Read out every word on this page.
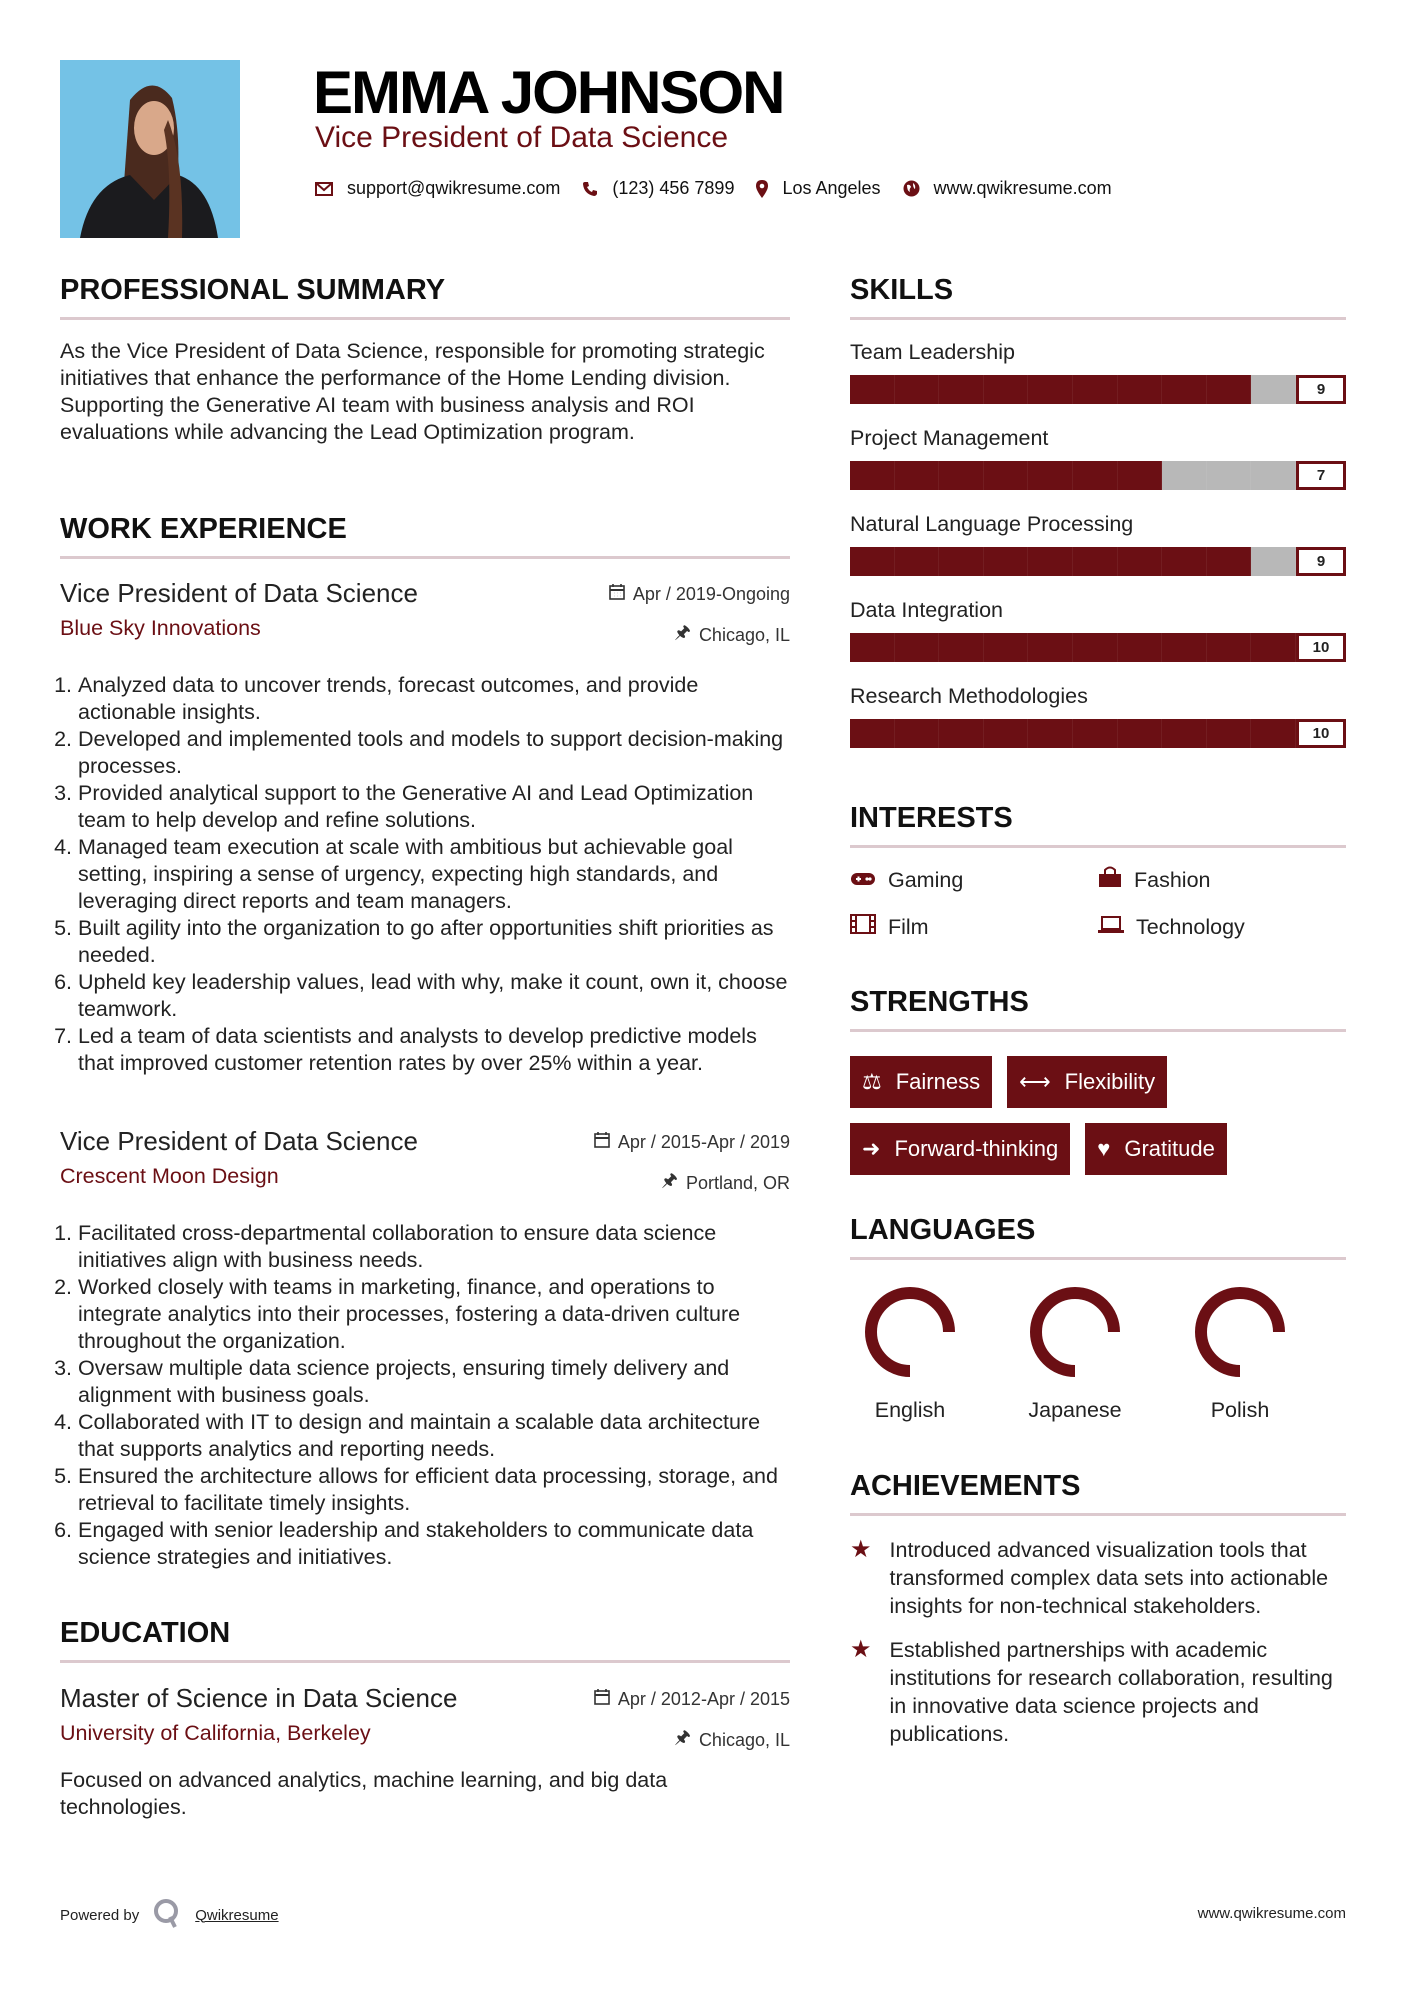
EMMA JOHNSON
Vice President of Data Science
support@qwikresume.com	(123) 456 7899	Los Angeles	www.qwikresume.com
PROFESSIONAL SUMMARY
As the Vice President of Data Science, responsible for promoting strategic initiatives that enhance the performance of the Home Lending division. Supporting the Generative AI team with business analysis and ROI evaluations while advancing the Lead Optimization program.
WORK EXPERIENCE
Vice President of Data Science	Apr / 2019-Ongoing
Blue Sky Innovations	🖈 Chicago, IL
1. Analyzed data to uncover trends, forecast outcomes, and provide actionable insights.
2. Developed and implemented tools and models to support decision-making processes.
3. Provided analytical support to the Generative AI and Lead Optimization team to help develop and refine solutions.
4. Managed team execution at scale with ambitious but achievable goal setting, inspiring a sense of urgency, expecting high standards, and leveraging direct reports and team managers.
5. Built agility into the organization to go after opportunities shift priorities as needed.
6. Upheld key leadership values, lead with why, make it count, own it, choose teamwork.
7. Led a team of data scientists and analysts to develop predictive models that improved customer retention rates by over 25% within a year.
Vice President of Data Science	Apr / 2015-Apr / 2019
Crescent Moon Design	🖈 Portland, OR
1. Facilitated cross-departmental collaboration to ensure data science initiatives align with business needs.
2. Worked closely with teams in marketing, finance, and operations to integrate analytics into their processes, fostering a data-driven culture throughout the organization.
3. Oversaw multiple data science projects, ensuring timely delivery and alignment with business goals.
4. Collaborated with IT to design and maintain a scalable data architecture that supports analytics and reporting needs.
5. Ensured the architecture allows for efficient data processing, storage, and retrieval to facilitate timely insights.
6. Engaged with senior leadership and stakeholders to communicate data science strategies and initiatives.
EDUCATION
Master of Science in Data Science	Apr / 2012-Apr / 2015
University of California, Berkeley	🖈 Chicago, IL
Focused on advanced analytics, machine learning, and big data technologies.
SKILLS
Team Leadership
9
Project Management
7
Natural Language Processing
9
Data Integration
10
Research Methodologies
10
INTERESTS
Gaming	Fashion
Film	Technology
STRENGTHS
⚖ Fairness ⟷ Flexibility
➜ Forward-thinking ♥ Gratitude
LANGUAGES
English	Japanese	Polish
ACHIEVEMENTS
★ Introduced advanced visualization tools that transformed complex data sets into actionable insights for non-technical stakeholders.
★ Established partnerships with academic institutions for research collaboration, resulting in innovative data science projects and publications.
Powered by	Qwikresume	www.qwikresume.com
